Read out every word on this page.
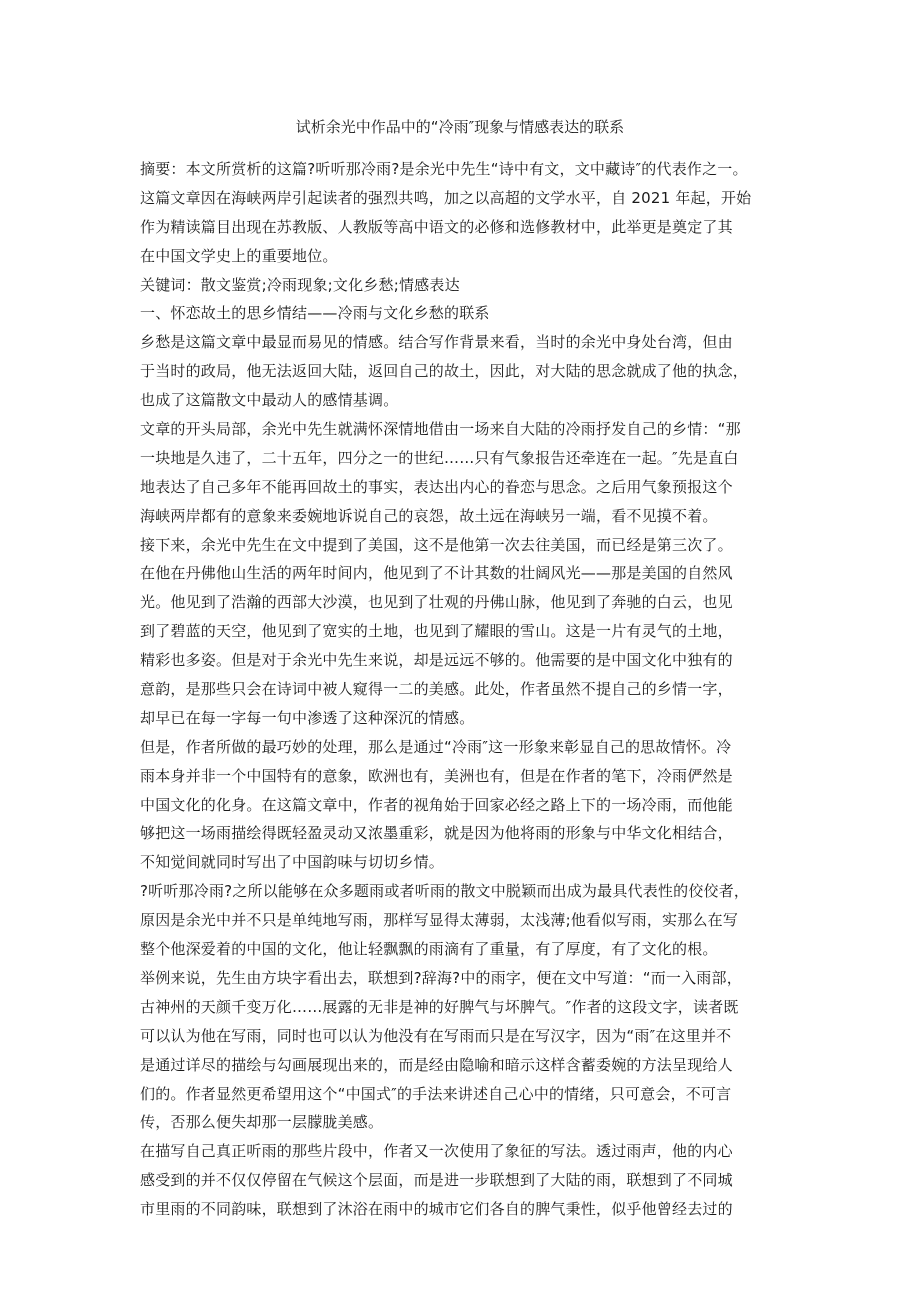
试析余光中作品中的“冷雨″现象与情感表达的联系
摘要：本文所赏析的这篇?听听那冷雨?是余光中先生“诗中有文，文中藏诗″的代表作之一。
这篇文章因在海峡两岸引起读者的强烈共鸣，加之以高超的文学水平，自 2021 年起，开始
作为精读篇目出现在苏教版、人教版等高中语文的必修和选修教材中，此举更是奠定了其
在中国文学史上的重要地位。
关键词：散文鉴赏;冷雨现象;文化乡愁;情感表达
一、怀恋故土的思乡情结——冷雨与文化乡愁的联系
乡愁是这篇文章中最显而易见的情感。结合写作背景来看，当时的余光中身处台湾，但由
于当时的政局，他无法返回大陆，返回自己的故土，因此，对大陆的思念就成了他的执念，
也成了这篇散文中最动人的感情基调。
文章的开头局部，余光中先生就满怀深情地借由一场来自大陆的冷雨抒发自己的乡情：“那
一块地是久违了，二十五年，四分之一的世纪……只有气象报告还牵连在一起。″先是直白
地表达了自己多年不能再回故土的事实，表达出内心的眷恋与思念。之后用气象预报这个
海峡两岸都有的意象来委婉地诉说自己的哀怨，故土远在海峡另一端，看不见摸不着。
接下来，余光中先生在文中提到了美国，这不是他第一次去往美国，而已经是第三次了。
在他在丹佛他山生活的两年时间内，他见到了不计其数的壮阔风光——那是美国的自然风
光。他见到了浩瀚的西部大沙漠，也见到了壮观的丹佛山脉，他见到了奔驰的白云，也见
到了碧蓝的天空，他见到了宽实的土地，也见到了耀眼的雪山。这是一片有灵气的土地，
精彩也多姿。但是对于余光中先生来说，却是远远不够的。他需要的是中国文化中独有的
意韵，是那些只会在诗词中被人窥得一二的美感。此处，作者虽然不提自己的乡情一字，
却早已在每一字每一句中渗透了这种深沉的情感。
但是，作者所做的最巧妙的处理，那么是通过“冷雨″这一形象来彰显自己的思故情怀。冷
雨本身并非一个中国特有的意象，欧洲也有，美洲也有，但是在作者的笔下，冷雨俨然是
中国文化的化身。在这篇文章中，作者的视角始于回家必经之路上下的一场冷雨，而他能
够把这一场雨描绘得既轻盈灵动又浓墨重彩，就是因为他将雨的形象与中华文化相结合，
不知觉间就同时写出了中国韵味与切切乡情。
?听听那冷雨?之所以能够在众多题雨或者听雨的散文中脱颖而出成为最具代表性的佼佼者，
原因是余光中并不只是单纯地写雨，那样写显得太薄弱，太浅薄;他看似写雨，实那么在写
整个他深爱着的中国的文化，他让轻飘飘的雨滴有了重量，有了厚度，有了文化的根。
举例来说，先生由方块字看出去，联想到?辞海?中的雨字，便在文中写道：“而一入雨部，
古神州的天颜千变万化……展露的无非是神的好脾气与坏脾气。″作者的这段文字，读者既
可以认为他在写雨，同时也可以认为他没有在写雨而只是在写汉字，因为“雨″在这里并不
是通过详尽的描绘与勾画展现出来的，而是经由隐喻和暗示这样含蓄委婉的方法呈现给人
们的。作者显然更希望用这个“中国式″的手法来讲述自己心中的情绪，只可意会，不可言
传，否那么便失却那一层朦胧美感。
在描写自己真正听雨的那些片段中，作者又一次使用了象征的写法。透过雨声，他的内心
感受到的并不仅仅停留在气候这个层面，而是进一步联想到了大陆的雨，联想到了不同城
市里雨的不同韵味，联想到了沐浴在雨中的城市它们各自的脾气秉性，似乎他曾经去过的
